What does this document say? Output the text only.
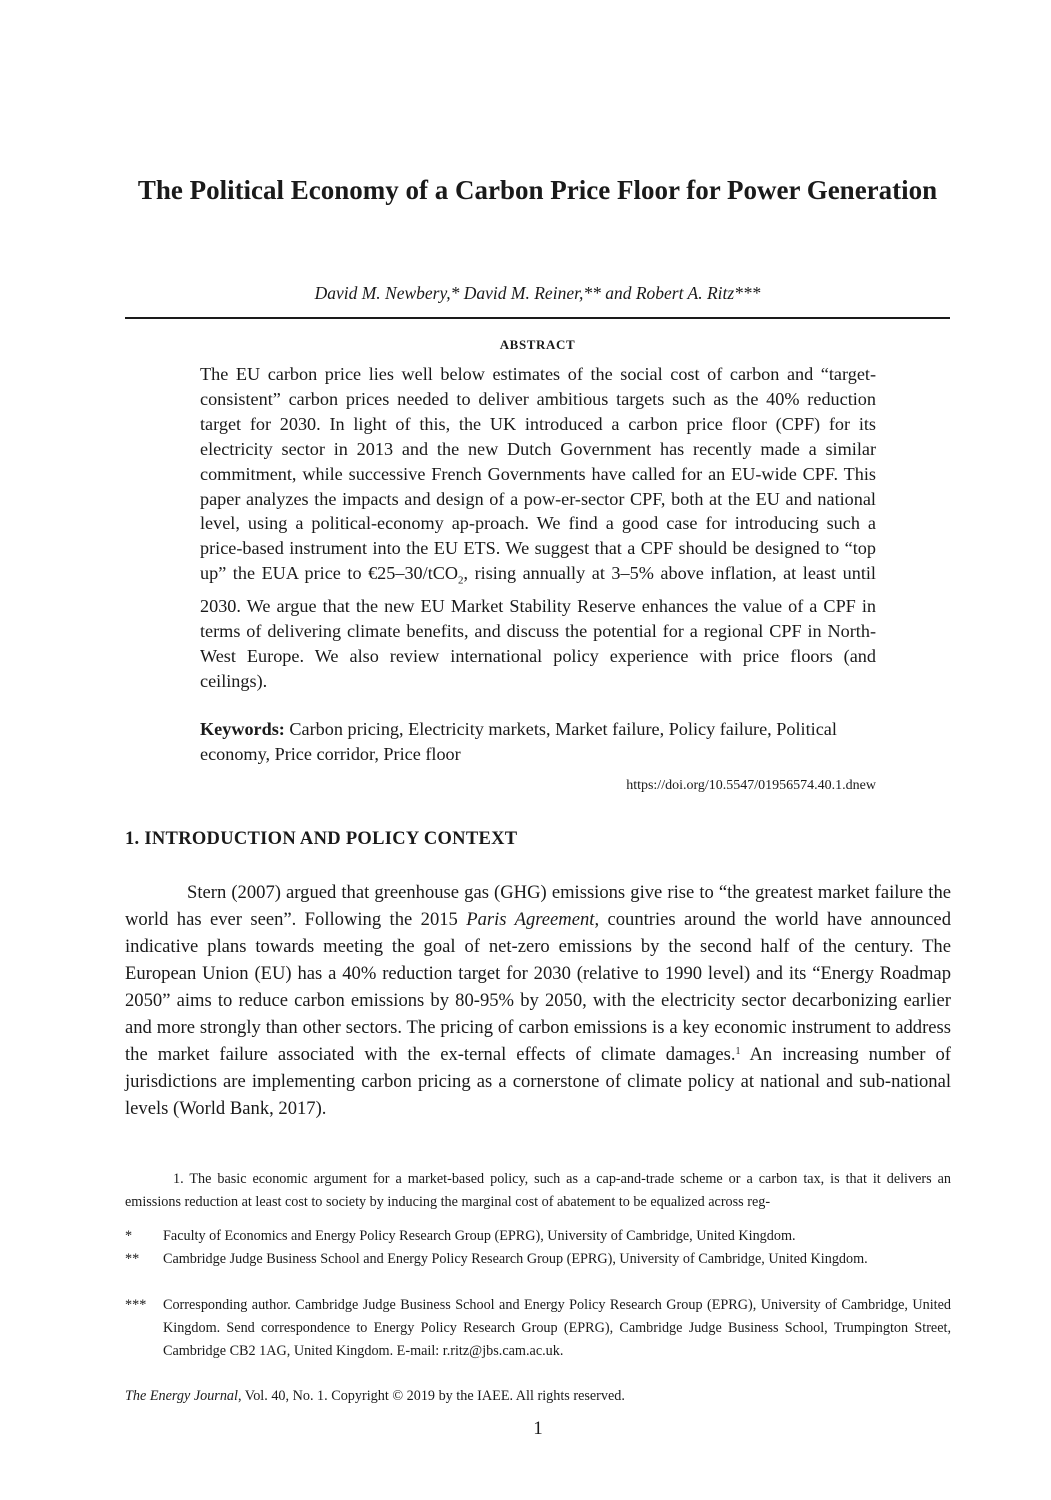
The Political Economy of a Carbon Price Floor for Power Generation
David M. Newbery,* David M. Reiner,** and Robert A. Ritz***
ABSTRACT

The EU carbon price lies well below estimates of the social cost of carbon and “target-consistent” carbon prices needed to deliver ambitious targets such as the 40% reduction target for 2030. In light of this, the UK introduced a carbon price floor (CPF) for its electricity sector in 2013 and the new Dutch Government has recently made a similar commitment, while successive French Governments have called for an EU-wide CPF. This paper analyzes the impacts and design of a pow-er-sector CPF, both at the EU and national level, using a political-economy ap-proach. We find a good case for introducing such a price-based instrument into the EU ETS. We suggest that a CPF should be designed to “top up” the EUA price to €25–30/tCO$_2$, rising annually at 3–5% above inflation, at least until 2030. We argue that the new EU Market Stability Reserve enhances the value of a CPF in terms of delivering climate benefits, and discuss the potential for a regional CPF in North-West Europe. We also review international policy experience with price floors (and ceilings).

Keywords: Carbon pricing, Electricity markets, Market failure, Policy failure, Political economy, Price corridor, Price floor

https://doi.org/10.5547/01956574.40.1.dnew
1. INTRODUCTION AND POLICY CONTEXT

Stern (2007) argued that greenhouse gas (GHG) emissions give rise to “the greatest market failure the world has ever seen”. Following the 2015 Paris Agreement, countries around the world have announced indicative plans towards meeting the goal of net-zero emissions by the second half of the century. The European Union (EU) has a 40% reduction target for 2030 (relative to 1990 level) and its “Energy Roadmap 2050” aims to reduce carbon emissions by 80-95% by 2050, with the electricity sector decarbonizing earlier and more strongly than other sectors. The pricing of carbon emissions is a key economic instrument to address the market failure associated with the ex-ternal effects of climate damages.$^1$ An increasing number of jurisdictions are implementing carbon pricing as a cornerstone of climate policy at national and sub-national levels (World Bank, 2017).

1. The basic economic argument for a market-based policy, such as a cap-and-trade scheme or a carbon tax, is that it delivers an emissions reduction at least cost to society by inducing the marginal cost of abatement to be equalized across reg-

*	Faculty of Economics and Energy Policy Research Group (EPRG), University of Cambridge, United Kingdom.
**	Cambridge Judge Business School and Energy Policy Research Group (EPRG), University of Cambridge, United Kingdom.
***	Corresponding author. Cambridge Judge Business School and Energy Policy Research Group (EPRG), University of Cambridge, United Kingdom. Send correspondence to Energy Policy Research Group (EPRG), Cambridge Judge Business School, Trumpington Street, Cambridge CB2 1AG, United Kingdom. E-mail: r.ritz@jbs.cam.ac.uk.
The Energy Journal, Vol. 40, No. 1. Copyright © 2019 by the IAEE. All rights reserved.
1
